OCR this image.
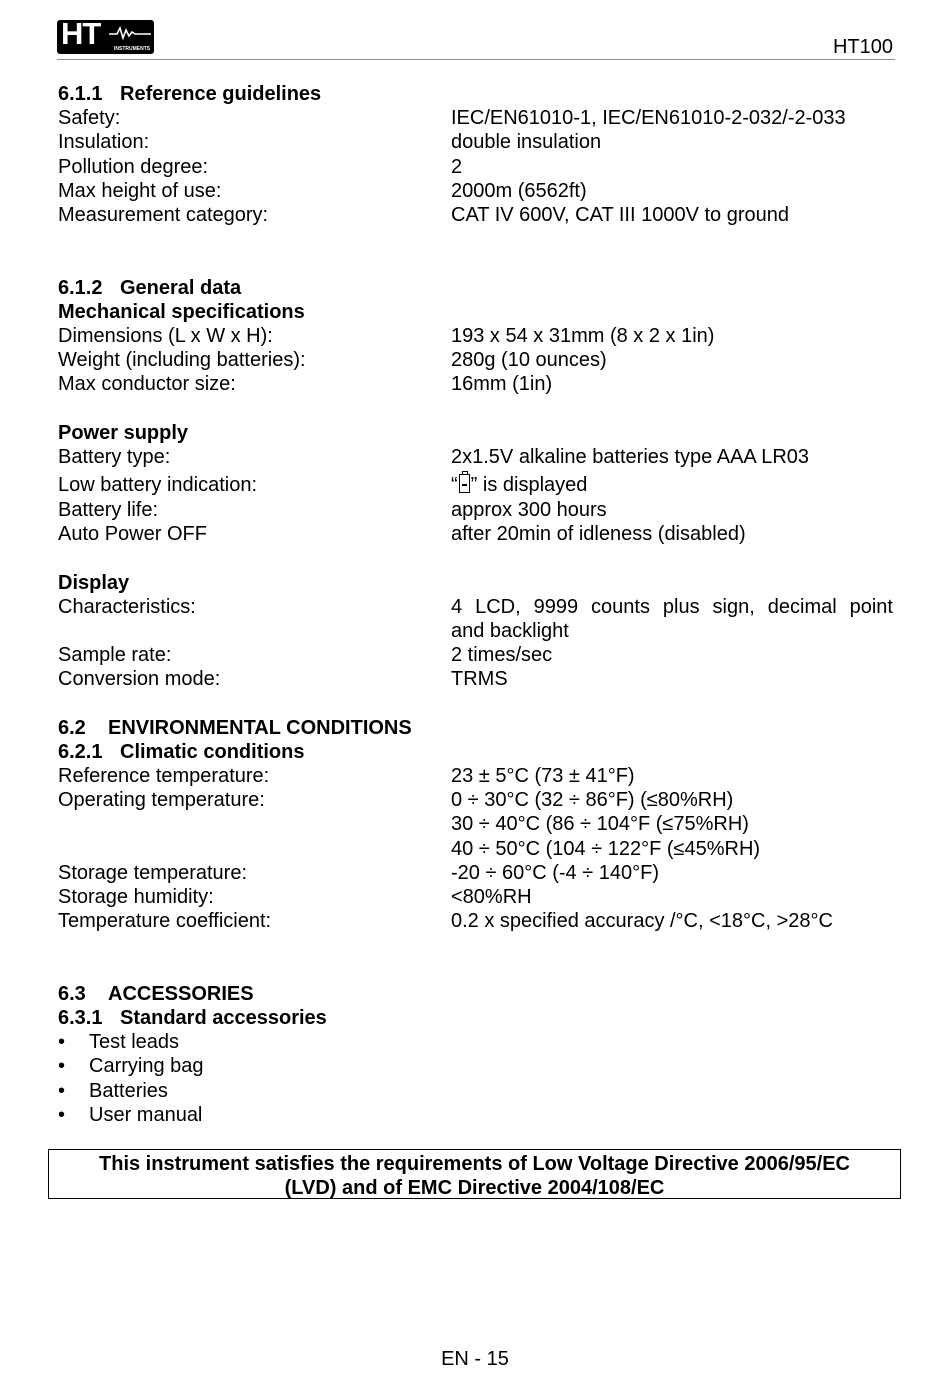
HT	INSTRUMENTS	HT100
6.1.1 Reference guidelines
Safety:	IEC/EN61010-1, IEC/EN61010-2-032/-2-033
Insulation:	double insulation
Pollution degree:	2
Max height of use:	2000m (6562ft)
Measurement category:	CAT IV 600V, CAT III 1000V to ground
6.1.2 General data
Mechanical specifications
Dimensions (L x W x H):	193 x 54 x 31mm (8 x 2 x 1in)
Weight (including batteries):	280g (10 ounces)
Max conductor size:	16mm (1in)
Power supply
Battery type:	2x1.5V alkaline batteries type AAA LR03
Low battery indication:	“ ” is displayed
Battery life:	approx 300 hours
Auto Power OFF	after 20min of idleness (disabled)
Display
Characteristics:	4 LCD, 9999 counts plus sign, decimal point
and backlight
Sample rate:	2 times/sec
Conversion mode:	TRMS
6.2 ENVIRONMENTAL CONDITIONS
6.2.1 Climatic conditions
Reference temperature:	23 ± 5°C (73 ± 41°F)
Operating temperature:	0 ÷ 30°C (32 ÷ 86°F) (≤80%RH)
30 ÷ 40°C (86 ÷ 104°F (≤75%RH)
40 ÷ 50°C (104 ÷ 122°F (≤45%RH)
Storage temperature:	-20 ÷ 60°C (-4 ÷ 140°F)
Storage humidity:	<80%RH
Temperature coefficient:	0.2 x specified accuracy /°C, <18°C, >28°C
6.3 ACCESSORIES
6.3.1 Standard accessories
• Test leads
• Carrying bag
• Batteries
• User manual
This instrument satisfies the requirements of Low Voltage Directive 2006/95/EC
(LVD) and of EMC Directive 2004/108/EC
EN - 15
